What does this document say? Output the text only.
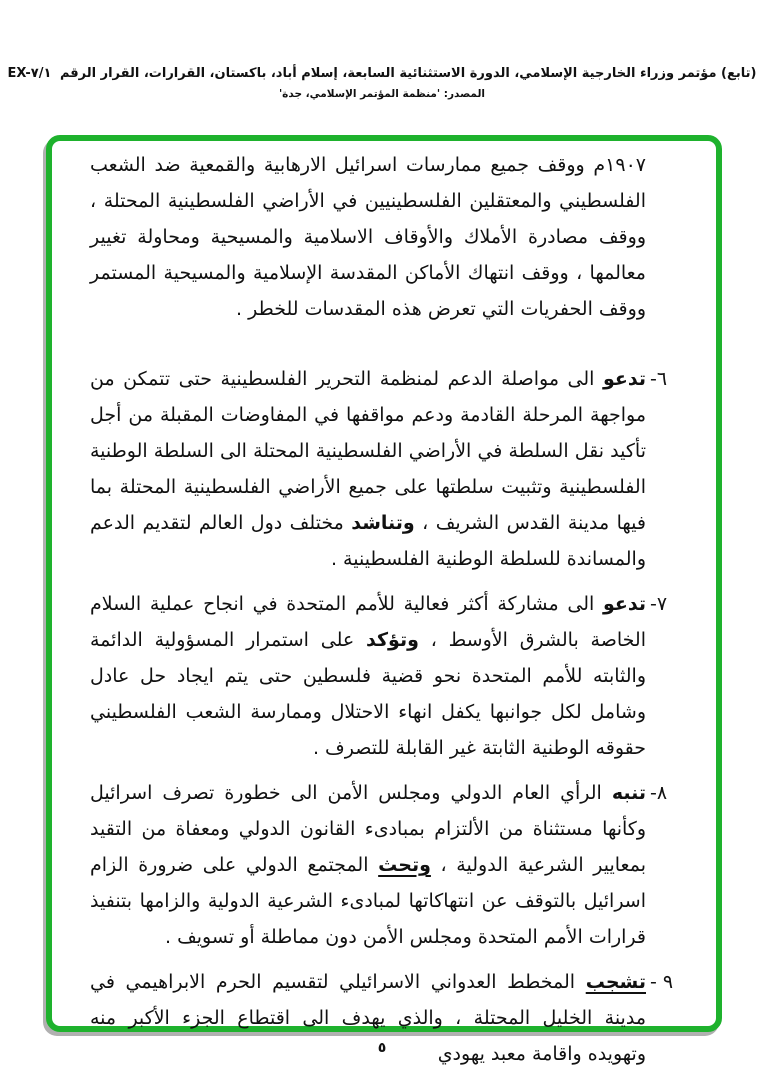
(تابع) مؤتمر وزراء الخارجية الإسلامي، الدورة الاستثنائية السابعة، إسلام أباد، باكستان، القرارات، القرار الرقم EX-٧/١
المصدر: 'منظمة المؤتمر الإسلامي، جدة'

١٩٠٧م ووقف جميع ممارسات اسرائيل الارهابية والقمعية ضد الشعب الفلسطيني والمعتقلين الفلسطينيين في الأراضي الفلسطينية المحتلة ، ووقف مصادرة الأملاك والأوقاف الاسلامية والمسيحية ومحاولة تغيير معالمها ، ووقف انتهاك الأماكن المقدسة الإسلامية والمسيحية المستمر ووقف الحفريات التي تعرض هذه المقدسات للخطر .

٦-

تدعو الى مواصلة الدعم لمنظمة التحرير الفلسطينية حتى تتمكن من مواجهة المرحلة القادمة ودعم مواقفها في المفاوضات المقبلة من أجل تأكيد نقل السلطة في الأراضي الفلسطينية المحتلة الى السلطة الوطنية الفلسطينية وتثبيت سلطتها على جميع الأراضي الفلسطينية المحتلة بما فيها مدينة القدس الشريف ، وتناشد مختلف دول العالم لتقديم الدعم والمساندة للسلطة الوطنية الفلسطينية .

٧-

تدعو الى مشاركة أكثر فعالية للأمم المتحدة في انجاح عملية السلام الخاصة بالشرق الأوسط ، وتؤكد على استمرار المسؤولية الدائمة والثابته للأمم المتحدة نحو قضية فلسطين حتى يتم ايجاد حل عادل وشامل لكل جوانبها يكفل انهاء الاحتلال وممارسة الشعب الفلسطيني حقوقه الوطنية الثابتة غير القابلة للتصرف .

٨-

تنبه الرأي العام الدولي ومجلس الأمن الى خطورة تصرف اسرائيل وكأنها مستثناة من الألتزام بمبادىء القانون الدولي ومعفاة من التقيد بمعايير الشرعية الدولية ، وتحث المجتمع الدولي على ضرورة الزام اسرائيل بالتوقف عن انتهاكاتها لمبادىء الشرعية الدولية والزامها بتنفيذ قرارات الأمم المتحدة ومجلس الأمن دون مماطلة أو تسويف .

٩ -

تشجب المخطط العدواني الاسرائيلي لتقسيم الحرم الابراهيمي في مدينة الخليل المحتلة ، والذي يهدف الى اقتطاع الجزء الأكبر منه وتهويده واقامة معبد يهودي

٥
